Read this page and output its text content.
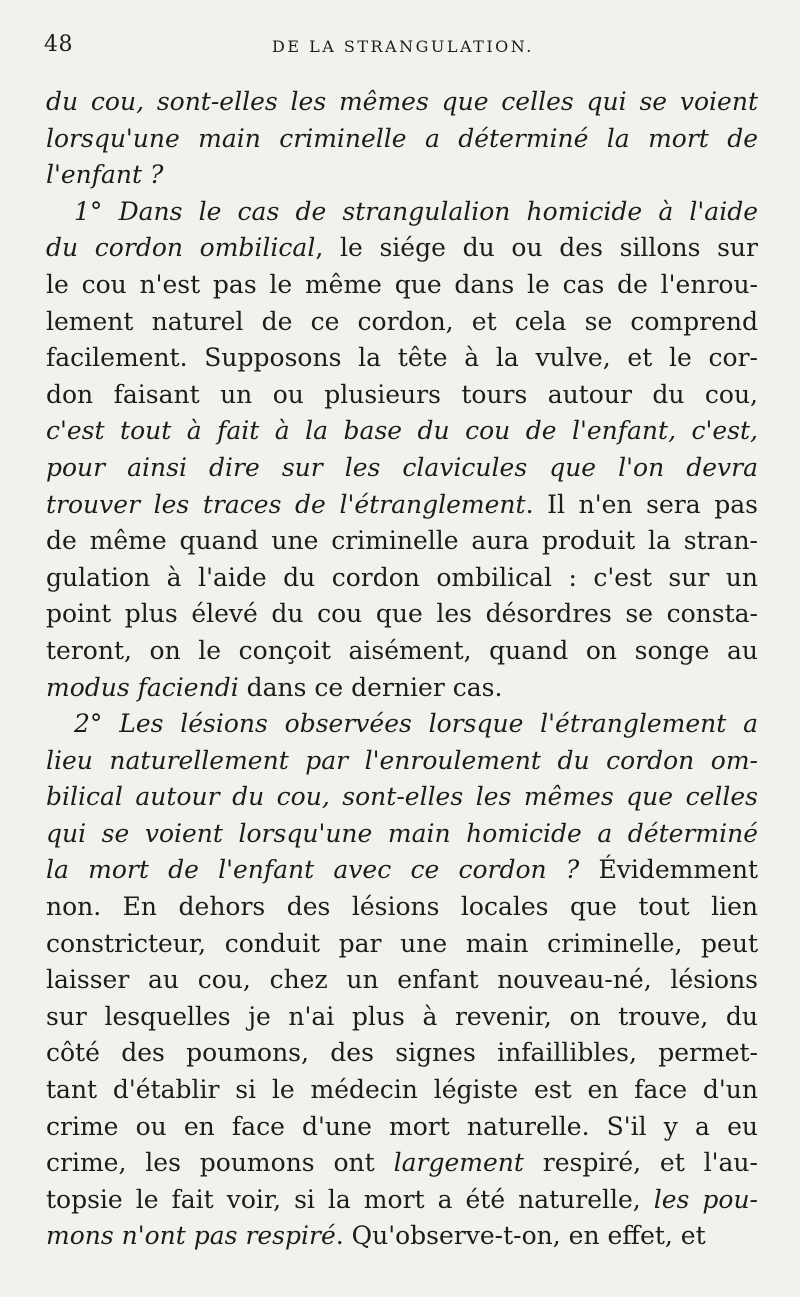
48	DE LA STRANGULATION.
du cou, sont-elles les mêmes que celles qui se voient
lorsqu'une main criminelle a déterminé la mort de
l'enfant ?
1° Dans le cas de strangulalion homicide à l'aide
du cordon ombilical, le siége du ou des sillons sur
le cou n'est pas le même que dans le cas de l'enrou-
lement naturel de ce cordon, et cela se comprend
facilement. Supposons la tête à la vulve, et le cor-
don faisant un ou plusieurs tours autour du cou,
c'est tout à fait à la base du cou de l'enfant, c'est,
pour ainsi dire sur les clavicules que l'on devra
trouver les traces de l'étranglement. Il n'en sera pas
de même quand une criminelle aura produit la stran-
gulation à l'aide du cordon ombilical : c'est sur un
point plus élevé du cou que les désordres se consta-
teront, on le conçoit aisément, quand on songe au
modus faciendi dans ce dernier cas.
2° Les lésions observées lorsque l'étranglement a
lieu naturellement par l'enroulement du cordon om-
bilical autour du cou, sont-elles les mêmes que celles
qui se voient lorsqu'une main homicide a déterminé
la mort de l'enfant avec ce cordon ? Évidemment
non. En dehors des lésions locales que tout lien
constricteur, conduit par une main criminelle, peut
laisser au cou, chez un enfant nouveau-né, lésions
sur lesquelles je n'ai plus à revenir, on trouve, du
côté des poumons, des signes infaillibles, permet-
tant d'établir si le médecin légiste est en face d'un
crime ou en face d'une mort naturelle. S'il y a eu
crime, les poumons ont largement respiré, et l'au-
topsie le fait voir, si la mort a été naturelle, les pou-
mons n'ont pas respiré. Qu'observe-t-on, en effet, et
